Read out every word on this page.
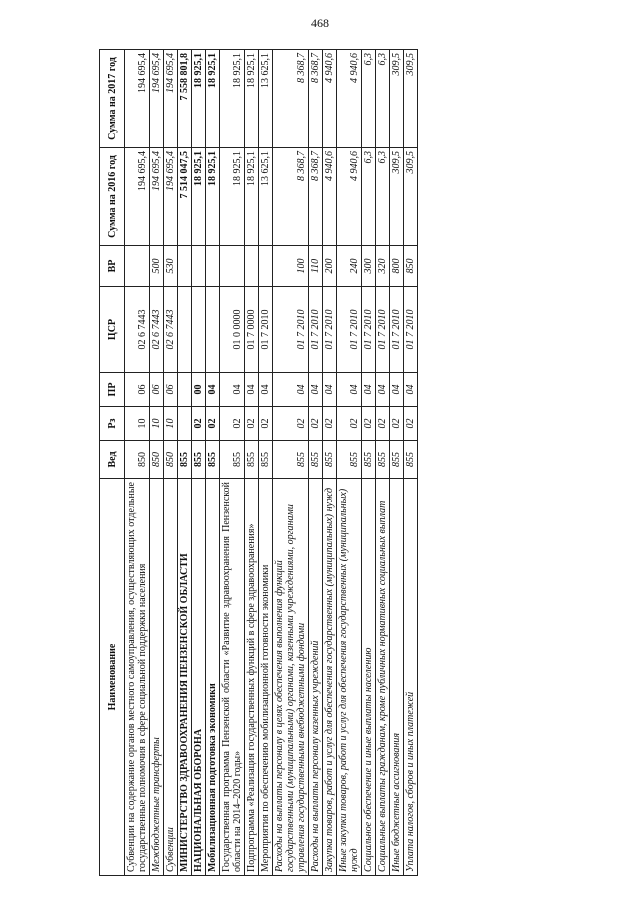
468
Наименование	Вед	Рз	ПР	ЦСР	ВР	Сумма на 2016 год	Сумма на 2017 год
Субвенции на содержание органов местного самоуправления, осуществляющих отдельные государственные полномочия в сфере социальной поддержки населения	850	10	06	02 6 7443		194 695,4	194 695,4
Межбюджетные трансферты	850	10	06	02 6 7443	500	194 695,4	194 695,4
Субвенции	850	10	06	02 6 7443	530	194 695,4	194 695,4
МИНИСТЕРСТВО ЗДРАВООХРАНЕНИЯ ПЕНЗЕНСКОЙ ОБЛАСТИ	855					7 514 047,5	7 558 801,8
НАЦИОНАЛЬНАЯ ОБОРОНА	855	02	00			18 925,1	18 925,1
Мобилизационная подготовка экономики	855	02	04			18 925,1	18 925,1
Государственная программа Пензенской области «Развитие здравоохранения Пензенской области на 2014–2020 годы»	855	02	04	01 0 0000		18 925,1	18 925,1
Подпрограмма «Реализация государственных функций в сфере здравоохранения»	855	02	04	01 7 0000		18 925,1	18 925,1
Мероприятия по обеспечению мобилизационной готовности экономики	855	02	04	01 7 2010		13 625,1	13 625,1
Расходы на выплаты персоналу в целях обеспечения выполнения функций государственными (муниципальными) органами, казенными учреждениями, органами управления государственными внебюджетными фондами	855	02	04	01 7 2010	100	8 368,7	8 368,7
Расходы на выплаты персоналу казенных учреждений	855	02	04	01 7 2010	110	8 368,7	8 368,7
Закупка товаров, работ и услуг для обеспечения государственных (муниципальных) нужд	855	02	04	01 7 2010	200	4 940,6	4 940,6
Иные закупки товаров, работ и услуг для обеспечения государственных (муниципальных) нужд	855	02	04	01 7 2010	240	4 940,6	4 940,6
Социальное обеспечение и иные выплаты населению	855	02	04	01 7 2010	300	6,3	6,3
Социальные выплаты гражданам, кроме публичных нормативных социальных выплат	855	02	04	01 7 2010	320	6,3	6,3
Иные бюджетные ассигнования	855	02	04	01 7 2010	800	309,5	309,5
Уплата налогов, сборов и иных платежей	855	02	04	01 7 2010	850	309,5	309,5
